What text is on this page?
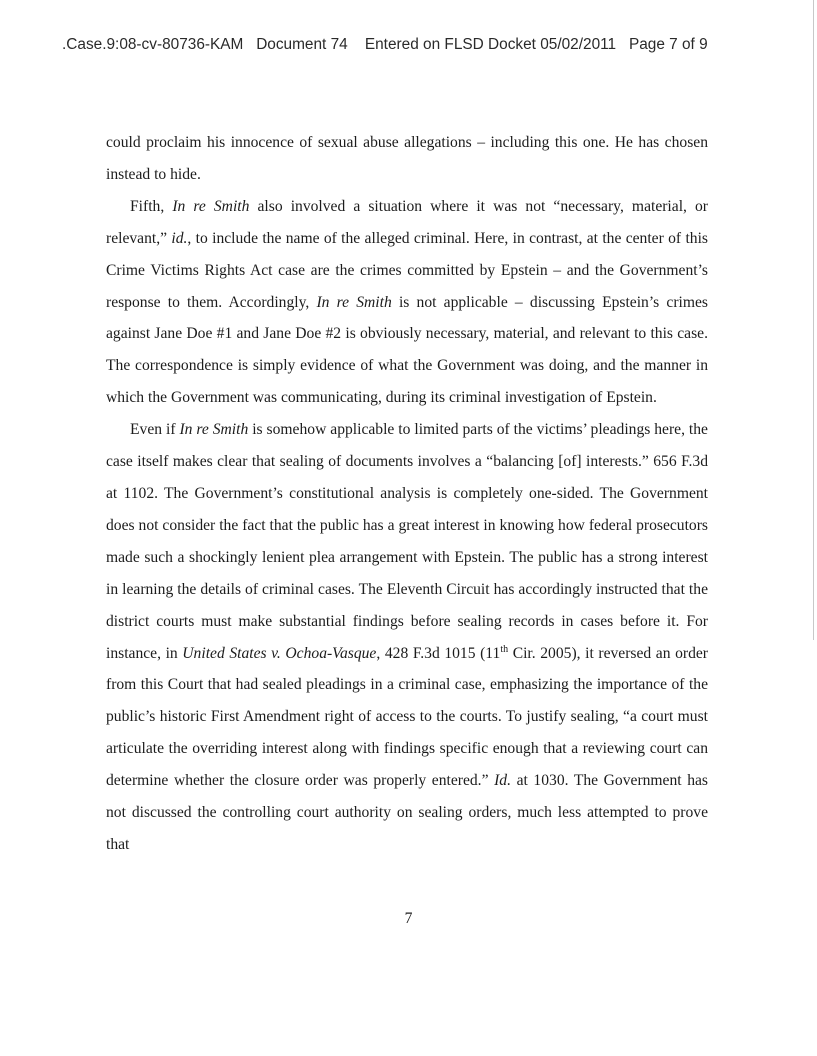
.Case.9:08-cv-80736-KAM Document 74 Entered on FLSD Docket 05/02/2011 Page 7 of 9

could proclaim his innocence of sexual abuse allegations – including this one. He has chosen instead to hide.

Fifth, In re Smith also involved a situation where it was not “necessary, material, or relevant,” id., to include the name of the alleged criminal. Here, in contrast, at the center of this Crime Victims Rights Act case are the crimes committed by Epstein – and the Government’s response to them. Accordingly, In re Smith is not applicable – discussing Epstein’s crimes against Jane Doe #1 and Jane Doe #2 is obviously necessary, material, and relevant to this case. The correspondence is simply evidence of what the Government was doing, and the manner in which the Government was communicating, during its criminal investigation of Epstein.

Even if In re Smith is somehow applicable to limited parts of the victims’ pleadings here, the case itself makes clear that sealing of documents involves a “balancing [of] interests.” 656 F.3d at 1102. The Government’s constitutional analysis is completely one-sided. The Government does not consider the fact that the public has a great interest in knowing how federal prosecutors made such a shockingly lenient plea arrangement with Epstein. The public has a strong interest in learning the details of criminal cases. The Eleventh Circuit has accordingly instructed that the district courts must make substantial findings before sealing records in cases before it. For instance, in United States v. Ochoa-Vasque, 428 F.3d 1015 (11th Cir. 2005), it reversed an order from this Court that had sealed pleadings in a criminal case, emphasizing the importance of the public’s historic First Amendment right of access to the courts. To justify sealing, “a court must articulate the overriding interest along with findings specific enough that a reviewing court can determine whether the closure order was properly entered.” Id. at 1030. The Government has not discussed the controlling court authority on sealing orders, much less attempted to prove that

7
